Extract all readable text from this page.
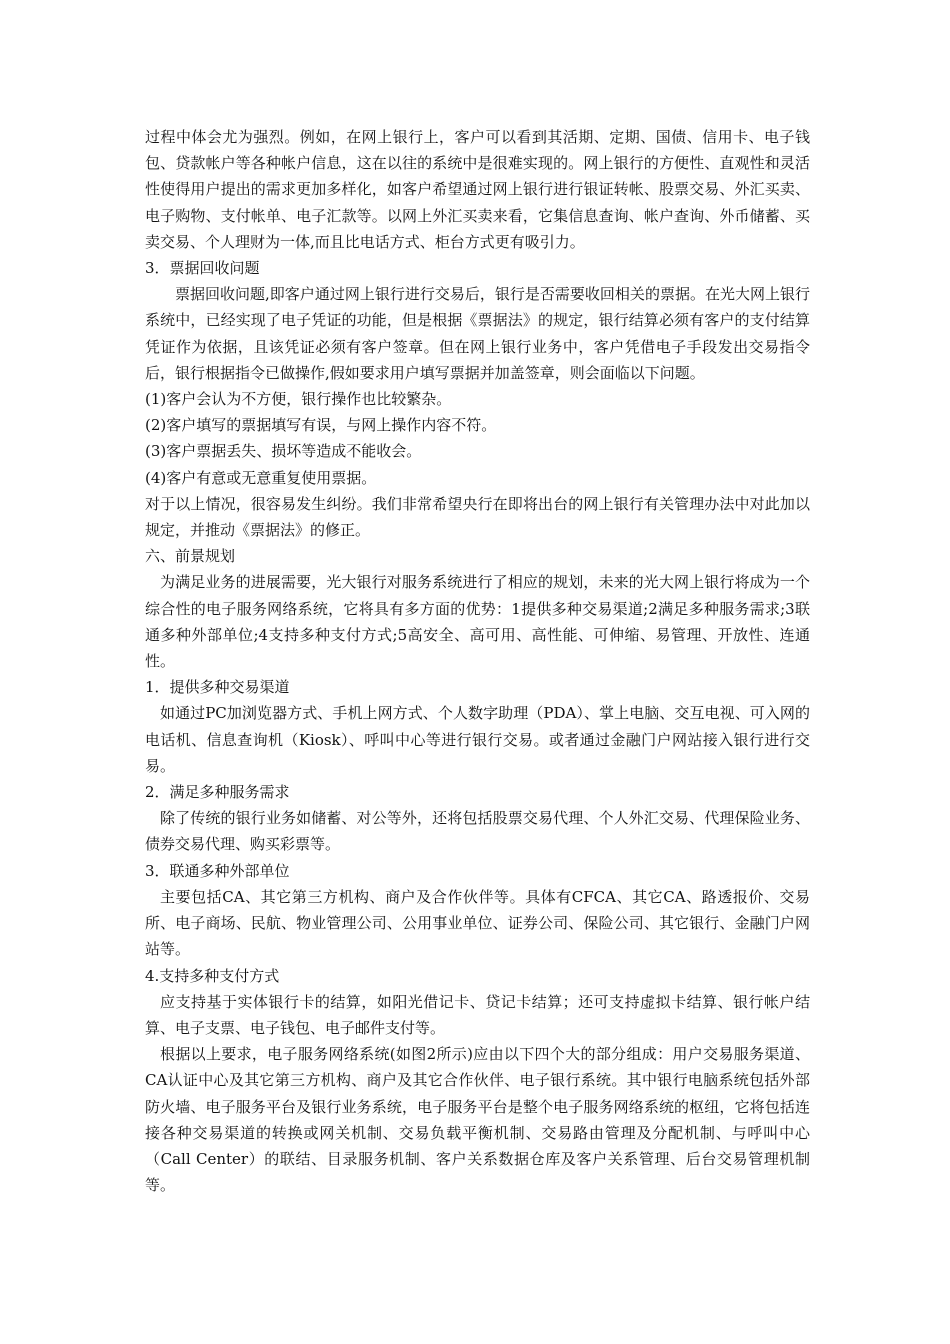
过程中体会尤为强烈。例如，在网上银行上，客户可以看到其活期、定期、国债、信用卡、电子钱包、贷款帐户等各种帐户信息，这在以往的系统中是很难实现的。网上银行的方便性、直观性和灵活性使得用户提出的需求更加多样化，如客户希望通过网上银行进行银证转帐、股票交易、外汇买卖、电子购物、支付帐单、电子汇款等。以网上外汇买卖来看，它集信息查询、帐户查询、外币储蓄、买卖交易、个人理财为一体,而且比电话方式、柜台方式更有吸引力。

3．票据回收问题

票据回收问题,即客户通过网上银行进行交易后，银行是否需要收回相关的票据。在光大网上银行系统中，已经实现了电子凭证的功能，但是根据《票据法》的规定，银行结算必须有客户的支付结算凭证作为依据，且该凭证必须有客户签章。但在网上银行业务中，客户凭借电子手段发出交易指令后，银行根据指令已做操作,假如要求用户填写票据并加盖签章，则会面临以下问题。

(1)客户会认为不方便，银行操作也比较繁杂。

(2)客户填写的票据填写有误，与网上操作内容不符。

(3)客户票据丢失、损坏等造成不能收会。

(4)客户有意或无意重复使用票据。

对于以上情况，很容易发生纠纷。我们非常希望央行在即将出台的网上银行有关管理办法中对此加以规定，并推动《票据法》的修正。

六、前景规划

为满足业务的进展需要，光大银行对服务系统进行了相应的规划，未来的光大网上银行将成为一个综合性的电子服务网络系统，它将具有多方面的优势：1提供多种交易渠道;2满足多种服务需求;3联通多种外部单位;4支持多种支付方式;5高安全、高可用、高性能、可伸缩、易管理、开放性、连通性。

1．提供多种交易渠道

如通过PC加浏览器方式、手机上网方式、个人数字助理（PDA）、掌上电脑、交互电视、可入网的电话机、信息查询机（Kiosk）、呼叫中心等进行银行交易。或者通过金融门户网站接入银行进行交易。

2．满足多种服务需求

除了传统的银行业务如储蓄、对公等外，还将包括股票交易代理、个人外汇交易、代理保险业务、债券交易代理、购买彩票等。

3．联通多种外部单位

主要包括CA、其它第三方机构、商户及合作伙伴等。具体有CFCA、其它CA、路透报价、交易所、电子商场、民航、物业管理公司、公用事业单位、证券公司、保险公司、其它银行、金融门户网站等。

4.支持多种支付方式

应支持基于实体银行卡的结算，如阳光借记卡、贷记卡结算；还可支持虚拟卡结算、银行帐户结算、电子支票、电子钱包、电子邮件支付等。

根据以上要求，电子服务网络系统(如图2所示)应由以下四个大的部分组成：用户交易服务渠道、CA认证中心及其它第三方机构、商户及其它合作伙伴、电子银行系统。其中银行电脑系统包括外部防火墙、电子服务平台及银行业务系统，电子服务平台是整个电子服务网络系统的枢纽，它将包括连接各种交易渠道的转换或网关机制、交易负载平衡机制、交易路由管理及分配机制、与呼叫中心（Call Center）的联结、目录服务机制、客户关系数据仓库及客户关系管理、后台交易管理机制等。
